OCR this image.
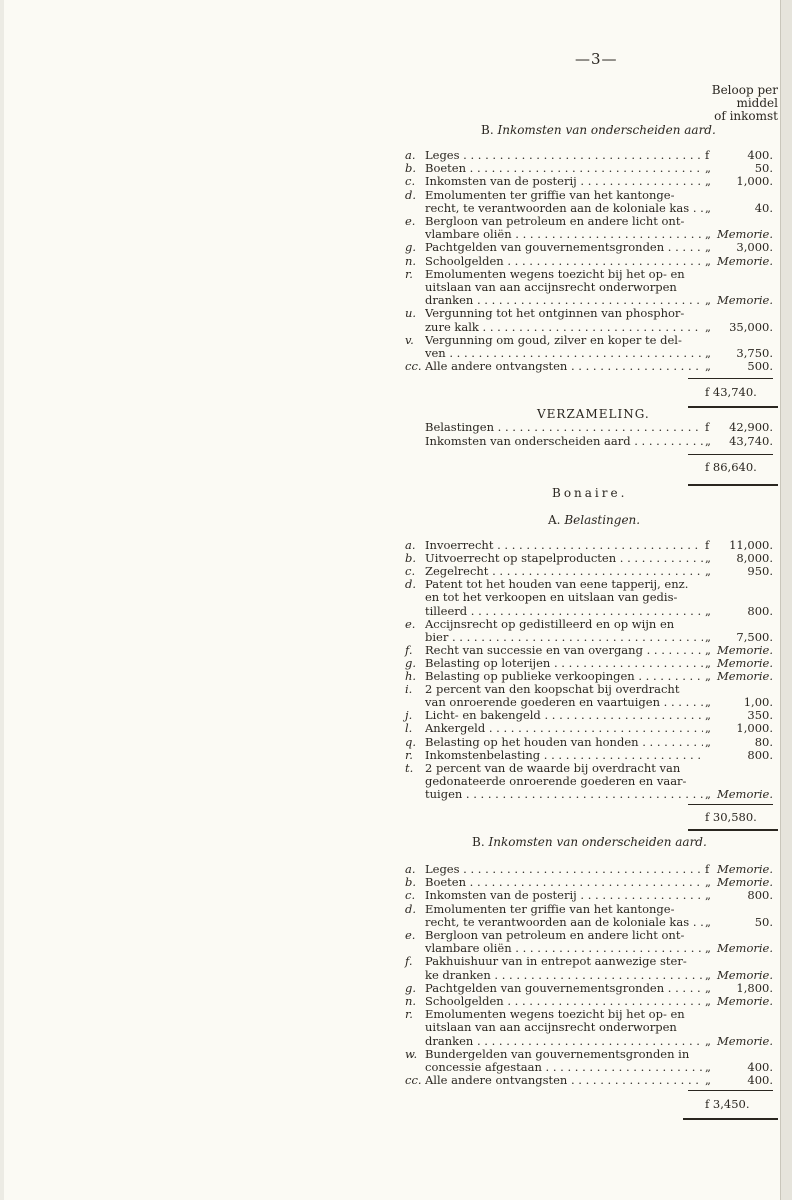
—3—
Beloop per
middel
of inkomst
B. Inkomsten van onderscheiden aard.
a. Leges . . .	f	400.
b. Boeten . . .	„	50.
c. Inkomsten van de posterij . . .	„	1,000.
d. Emolumenten ter griffie van het kantonge-
recht, te verantwoorden aan de koloniale kas . . .	„	40.
e. Bergloon van petroleum en andere licht ont-
vlambare oliën . . .	„ Memorie.
g. Pachtgelden van gouvernementsgronden . . .	„	3,000.
n. Schoolgelden . . .	„ Memorie.
r.	Emolumenten wegens toezicht bij het op- en
uitslaan van aan accijnsrecht onderworpen
dranken . . .	„ Memorie.
u. Vergunning tot het ontginnen van phosphor-
zure kalk . . .	„	35,000.
v. Vergunning om goud, zilver en koper te del-
ven . . .	„	3,750.
cc. Alle andere ontvangsten . . .	„	500.
f 43,740.
VERZAMELING.
Belastingen . . .	f	42,900.
Inkomsten van onderscheiden aard . . .	„	43,740.
f 86,640.
Bonaire.
A. Belastingen.
a. Invoerrecht . . .	f	11,000.
b. Uitvoerrecht op stapelproducten . . .	„	8,000.
c. Zegelrecht . . .	„	950.
d. Patent tot het houden van eene tapperij, enz.
en tot het verkoopen en uitslaan van gedis-
tilleerd . . .	„	800.
e. Accijnsrecht op gedistilleerd en op wijn en
bier . . .	„	7,500.
f.	Recht van successie en van overgang . . .	„ Memorie.
g. Belasting op loterijen . . .	„ Memorie.
h. Belasting op publieke verkoopingen . . .	„ Memorie.
i.	2 percent van den koopschat bij overdracht
van onroerende goederen en vaartuigen . . .	„	1,00.
j.	Licht- en bakengeld . . .	„	350.
l.	Ankergeld . . .	„	1,000.
q. Belasting op het houden van honden . . .	„	80.
r.	Inkomstenbelasting . . .	800.
t.	2 percent van de waarde bij overdracht van
gedonateerde onroerende goederen en vaar-
tuigen . . .	„ Memorie.
f 30,580.
B. Inkomsten van onderscheiden aard.
a. Leges . . .	f Memorie.
b. Boeten . . .	„ Memorie.
c. Inkomsten van de posterij . . .	„	800.
d. Emolumenten ter griffie van het kantonge-
recht, te verantwoorden aan de koloniale kas . . .	„	50.
e. Bergloon van petroleum en andere licht ont-
vlambare oliën . . .	„ Memorie.
f.	Pakhuishuur van in entrepot aanwezige ster-
ke dranken . . .	„ Memorie.
g. Pachtgelden van gouvernementsgronden . . .	„	1,800.
n. Schoolgelden . . .	„ Memorie.
r.	Emolumenten wegens toezicht bij het op- en
uitslaan van aan accijnsrecht onderworpen
dranken . . .	„ Memorie.
w. Bundergelden van gouvernementsgronden in
concessie afgestaan . . .	„	400.
cc. Alle andere ontvangsten . . .	„	400.
f 3,450.
